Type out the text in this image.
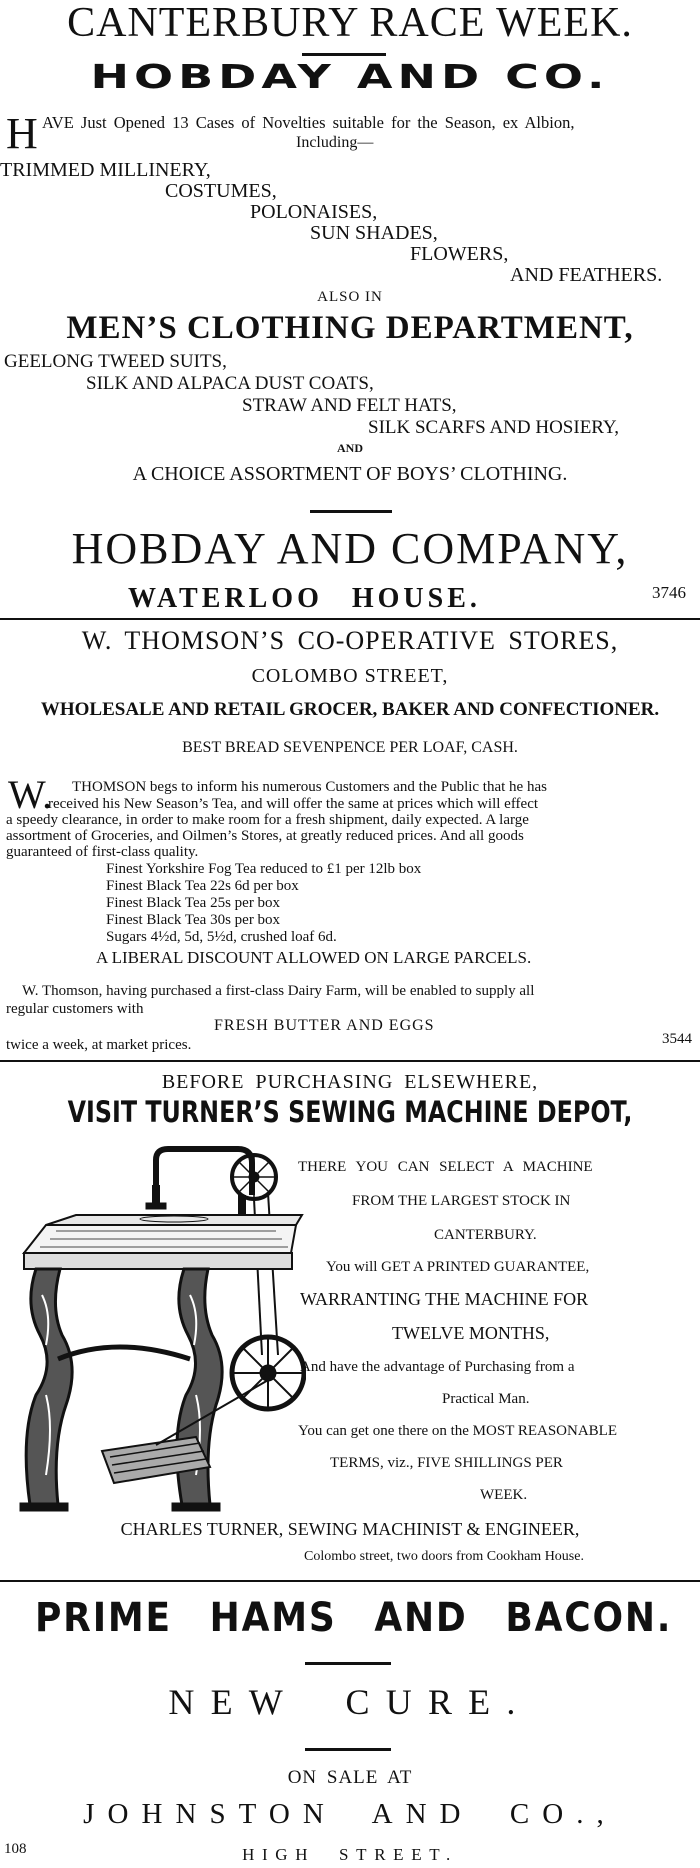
CANTERBURY RACE WEEK.
HOBDAY AND CO.
H AVE Just Opened 13 Cases of Novelties suitable for the Season, ex Albion,
Including—
TRIMMED MILLINERY,
COSTUMES,
POLONAISES,
SUN SHADES,
FLOWERS,
AND FEATHERS.
ALSO IN
MEN’S CLOTHING DEPARTMENT,
GEELONG TWEED SUITS,
SILK AND ALPACA DUST COATS,
STRAW AND FELT HATS,
SILK SCARFS AND HOSIERY,
AND
A CHOICE ASSORTMENT OF BOYS’ CLOTHING.
HOBDAY AND COMPANY,
WATERLOO HOUSE.	3746
W. THOMSON’S CO-OPERATIVE STORES,
COLOMBO STREET,
WHOLESALE AND RETAIL GROCER, BAKER AND CONFECTIONER.
BEST BREAD SEVENPENCE PER LOAF, CASH.
W. THOMSON begs to inform his numerous Customers and the Public that he has
received his New Season’s Tea, and will offer the same at prices which will effect
a speedy clearance, in order to make room for a fresh shipment, daily expected. A large
assortment of Groceries, and Oilmen’s Stores, at greatly reduced prices. And all goods
guaranteed of first-class quality.
Finest Yorkshire Fog Tea reduced to £1 per 12lb box
Finest Black Tea 22s 6d per box
Finest Black Tea 25s per box
Finest Black Tea 30s per box
Sugars 4½d, 5d, 5½d, crushed loaf 6d.
A LIBERAL DISCOUNT ALLOWED ON LARGE PARCELS.
W. Thomson, having purchased a first-class Dairy Farm, will be enabled to supply all
regular customers with
FRESH BUTTER AND EGGS
twice a week, at market prices.	3544
BEFORE PURCHASING ELSEWHERE,
VISIT TURNER’S SEWING MACHINE DEPOT,
THERE YOU CAN SELECT A MACHINE
FROM THE LARGEST STOCK IN
CANTERBURY.
You will GET A PRINTED GUARANTEE,
WARRANTING THE MACHINE FOR
TWELVE MONTHS,
And have the advantage of Purchasing from a
Practical Man.
You can get one there on the MOST REASONABLE
TERMS, viz., FIVE SHILLINGS PER
WEEK.
CHARLES TURNER, SEWING MACHINIST & ENGINEER,
Colombo street, two doors from Cookham House.
PRIME HAMS AND BACON.
NEW CURE.
ON SALE AT
JOHNSTON AND CO.,
108	HIGH STREET.
